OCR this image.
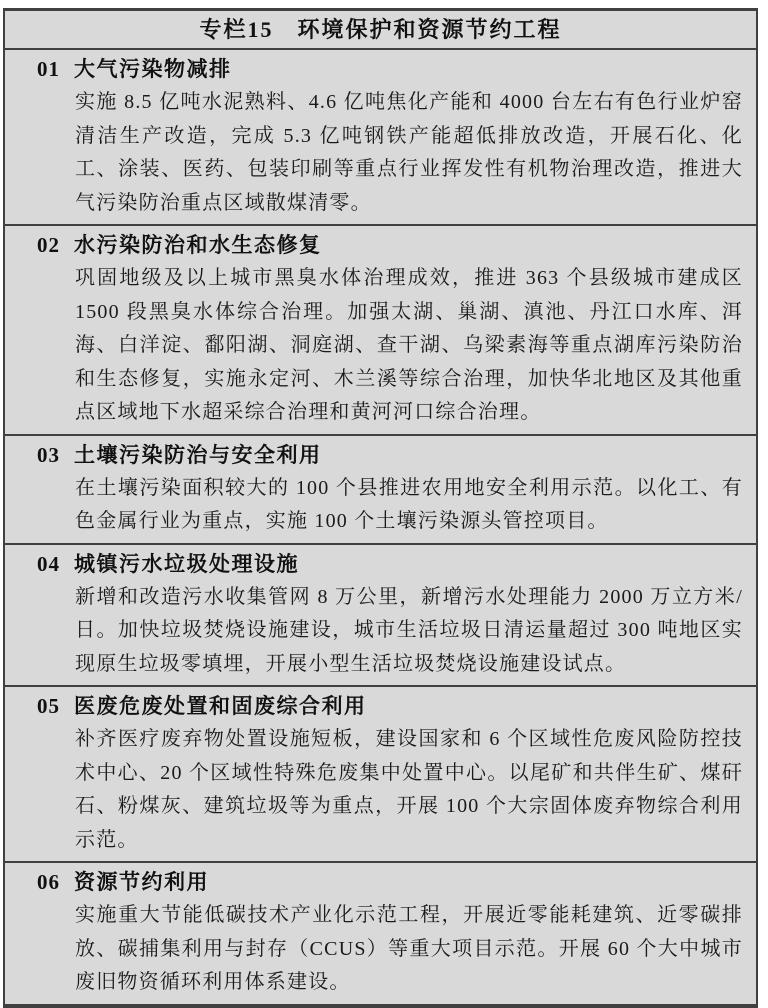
专栏15　环境保护和资源节约工程
01 大气污染物减排
实施 8.5 亿吨水泥熟料、4.6 亿吨焦化产能和 4000 台左右有色行业炉窑清洁生产改造，完成 5.3 亿吨钢铁产能超低排放改造，开展石化、化工、涂装、医药、包装印刷等重点行业挥发性有机物治理改造，推进大气污染防治重点区域散煤清零。
02 水污染防治和水生态修复
巩固地级及以上城市黑臭水体治理成效，推进 363 个县级城市建成区 1500 段黑臭水体综合治理。加强太湖、巢湖、滇池、丹江口水库、洱海、白洋淀、鄱阳湖、洞庭湖、查干湖、乌梁素海等重点湖库污染防治和生态修复，实施永定河、木兰溪等综合治理，加快华北地区及其他重点区域地下水超采综合治理和黄河河口综合治理。
03 土壤污染防治与安全利用
在土壤污染面积较大的 100 个县推进农用地安全利用示范。以化工、有色金属行业为重点，实施 100 个土壤污染源头管控项目。
04 城镇污水垃圾处理设施
新增和改造污水收集管网 8 万公里，新增污水处理能力 2000 万立方米/日。加快垃圾焚烧设施建设，城市生活垃圾日清运量超过 300 吨地区实现原生垃圾零填埋，开展小型生活垃圾焚烧设施建设试点。
05 医废危废处置和固废综合利用
补齐医疗废弃物处置设施短板，建设国家和 6 个区域性危废风险防控技术中心、20 个区域性特殊危废集中处置中心。以尾矿和共伴生矿、煤矸石、粉煤灰、建筑垃圾等为重点，开展 100 个大宗固体废弃物综合利用示范。
06 资源节约利用
实施重大节能低碳技术产业化示范工程，开展近零能耗建筑、近零碳排放、碳捕集利用与封存（CCUS）等重大项目示范。开展 60 个大中城市废旧物资循环利用体系建设。
